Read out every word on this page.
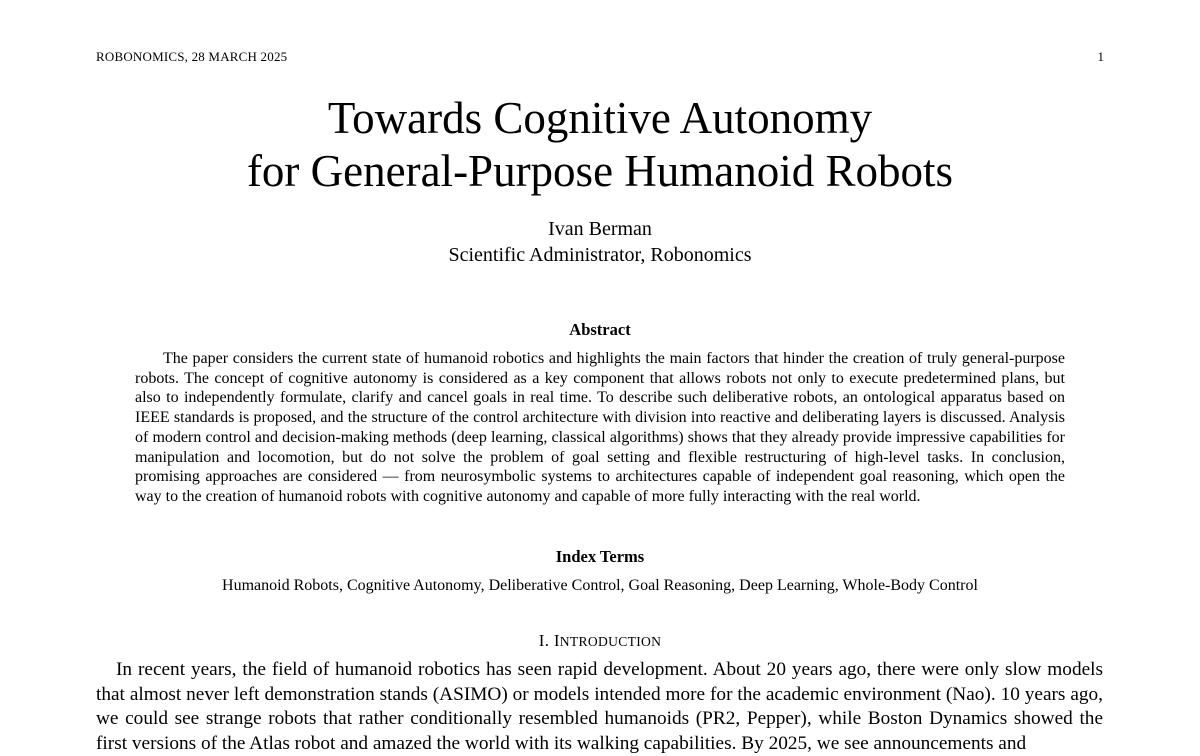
ROBONOMICS, 28 MARCH 2025	1
Towards Cognitive Autonomy
for General-Purpose Humanoid Robots
Ivan Berman
Scientific Administrator, Robonomics
Abstract

The paper considers the current state of humanoid robotics and highlights the main factors that hinder the creation of truly general-purpose robots. The concept of cognitive autonomy is considered as a key component that allows robots not only to execute predetermined plans, but also to independently formulate, clarify and cancel goals in real time. To describe such deliberative robots, an ontological apparatus based on IEEE standards is proposed, and the structure of the control architecture with division into reactive and deliberating layers is discussed. Analysis of modern control and decision-making methods (deep learning, classical algorithms) shows that they already provide impressive capabilities for manipulation and locomotion, but do not solve the problem of goal setting and flexible restructuring of high-level tasks. In conclusion, promising approaches are considered — from neurosymbolic systems to architectures capable of independent goal reasoning, which open the way to the creation of humanoid robots with cognitive autonomy and capable of more fully interacting with the real world.

Index Terms
Humanoid Robots, Cognitive Autonomy, Deliberative Control, Goal Reasoning, Deep Learning, Whole-Body Control
I. INTRODUCTION

In recent years, the field of humanoid robotics has seen rapid development. About 20 years ago, there were only slow models that almost never left demonstration stands (ASIMO) or models intended more for the academic environment (Nao). 10 years ago, we could see strange robots that rather conditionally resembled humanoids (PR2, Pepper), while Boston Dynamics showed the first versions of the Atlas robot and amazed the world with its walking capabilities. By 2025, we see announcements and
